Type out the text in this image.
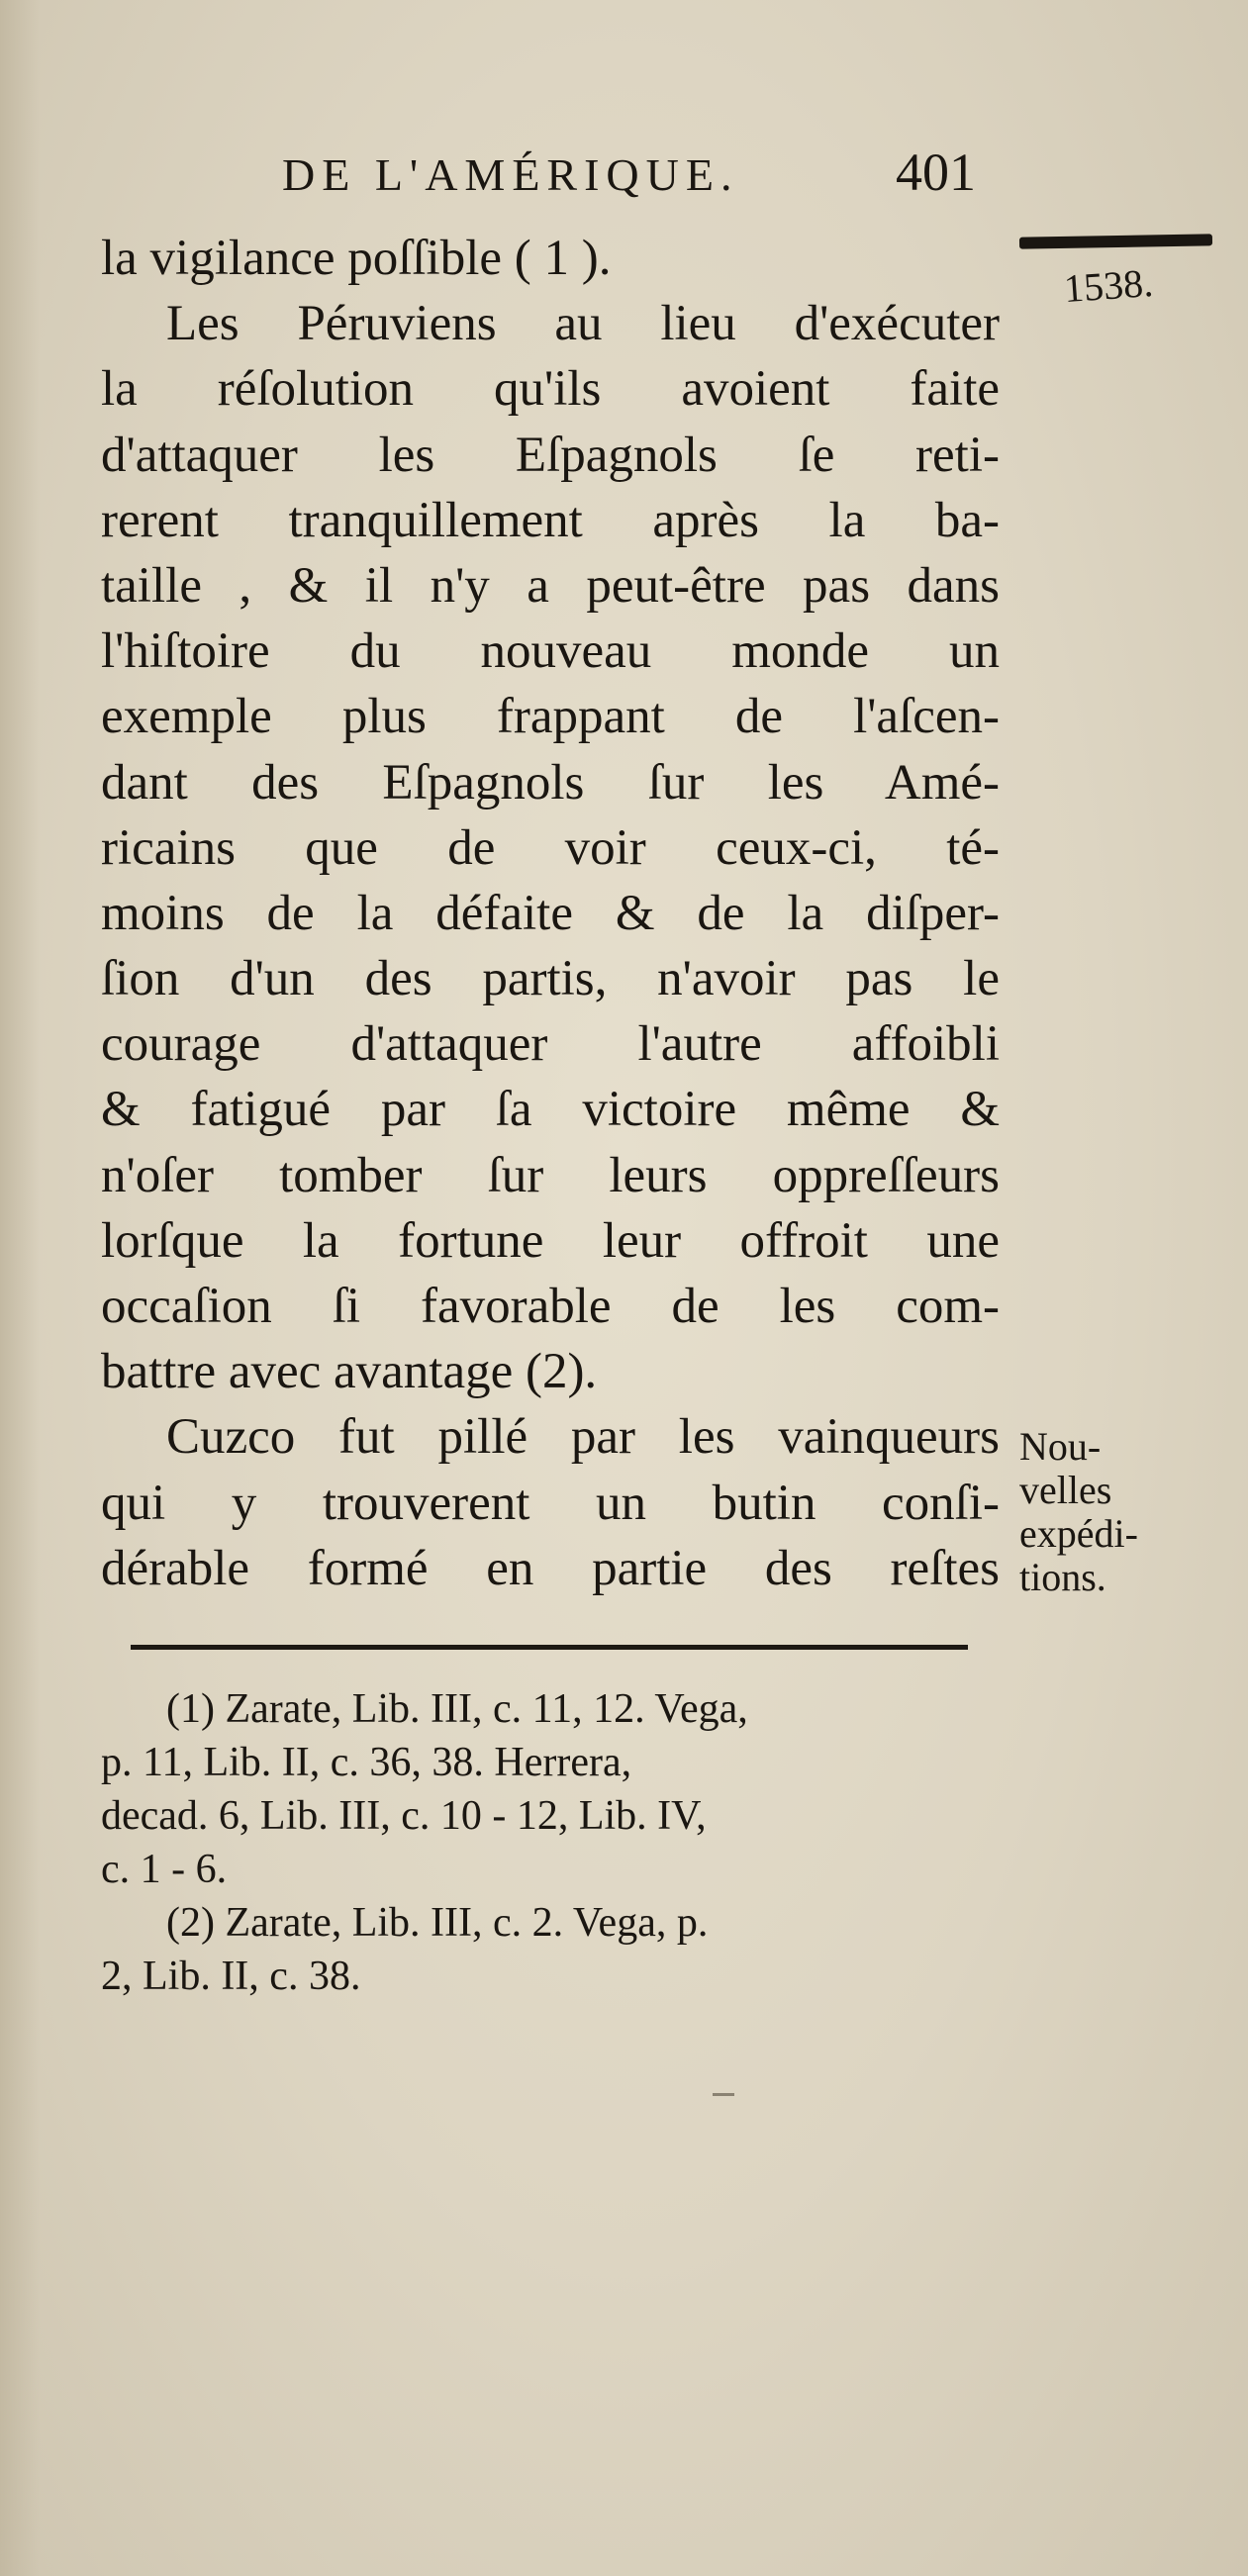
DE L'AMÉRIQUE.	401
1538.
la vigilance poſſible ( 1 ).
Les Péruviens au lieu d'exécuter
la réſolution qu'ils avoient faite
d'attaquer les Eſpagnols ſe reti-
rerent tranquillement après la ba-
taille , & il n'y a peut-être pas dans
l'hiſtoire du nouveau monde un
exemple plus frappant de l'aſcen-
dant des Eſpagnols ſur les Amé-
ricains que de voir ceux-ci, té-
moins de la défaite & de la diſper-
ſion d'un des partis, n'avoir pas le
courage d'attaquer l'autre affoibli
& fatigué par ſa victoire même &
n'oſer tomber ſur leurs oppreſſeurs
lorſque la fortune leur offroit une
occaſion ſi favorable de les com-
battre avec avantage (2).
Cuzco fut pillé par les vainqueurs
qui y trouverent un butin conſi-
dérable formé en partie des reſtes
Nou-
velles
expédi-
tions.
(1) Zarate, Lib. III, c. 11, 12. Vega,
p. 11, Lib. II, c. 36, 38. Herrera,
decad. 6, Lib. III, c. 10 - 12, Lib. IV,
c. 1 - 6.
(2) Zarate, Lib. III, c. 2. Vega, p.
2, Lib. II, c. 38.
